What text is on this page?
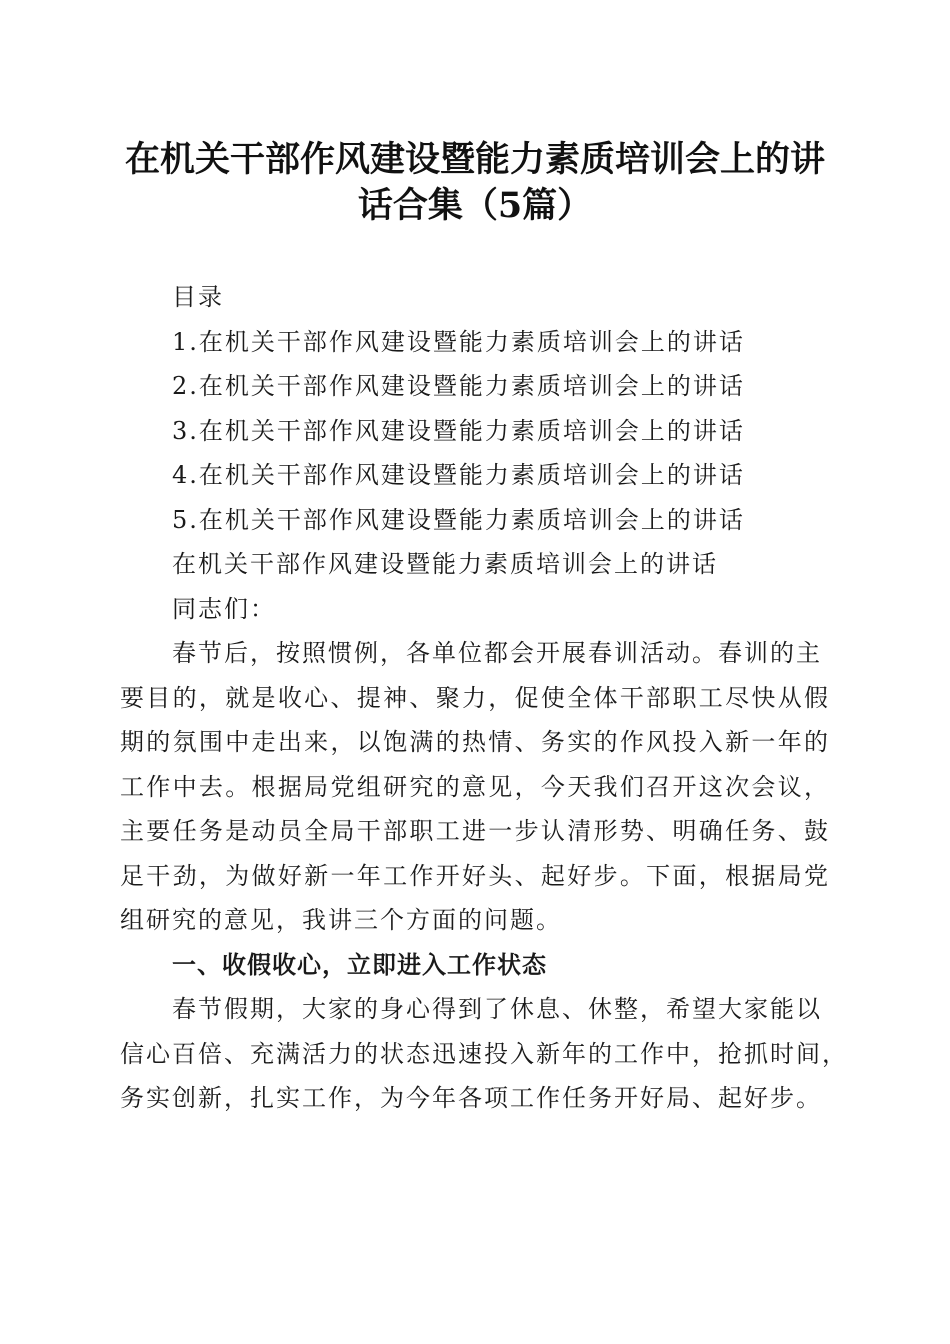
在机关干部作风建设暨能力素质培训会上的讲
话合集（5篇）
目录
1.在机关干部作风建设暨能力素质培训会上的讲话
2.在机关干部作风建设暨能力素质培训会上的讲话
3.在机关干部作风建设暨能力素质培训会上的讲话
4.在机关干部作风建设暨能力素质培训会上的讲话
5.在机关干部作风建设暨能力素质培训会上的讲话
在机关干部作风建设暨能力素质培训会上的讲话
同志们：
春节后，按照惯例，各单位都会开展春训活动。春训的主
要目的，就是收心、提神、聚力，促使全体干部职工尽快从假
期的氛围中走出来，以饱满的热情、务实的作风投入新一年的
工作中去。根据局党组研究的意见，今天我们召开这次会议，
主要任务是动员全局干部职工进一步认清形势、明确任务、鼓
足干劲，为做好新一年工作开好头、起好步。下面，根据局党
组研究的意见，我讲三个方面的问题。
一、收假收心，立即进入工作状态
春节假期，大家的身心得到了休息、休整，希望大家能以
信心百倍、充满活力的状态迅速投入新年的工作中，抢抓时间，
务实创新，扎实工作，为今年各项工作任务开好局、起好步。
